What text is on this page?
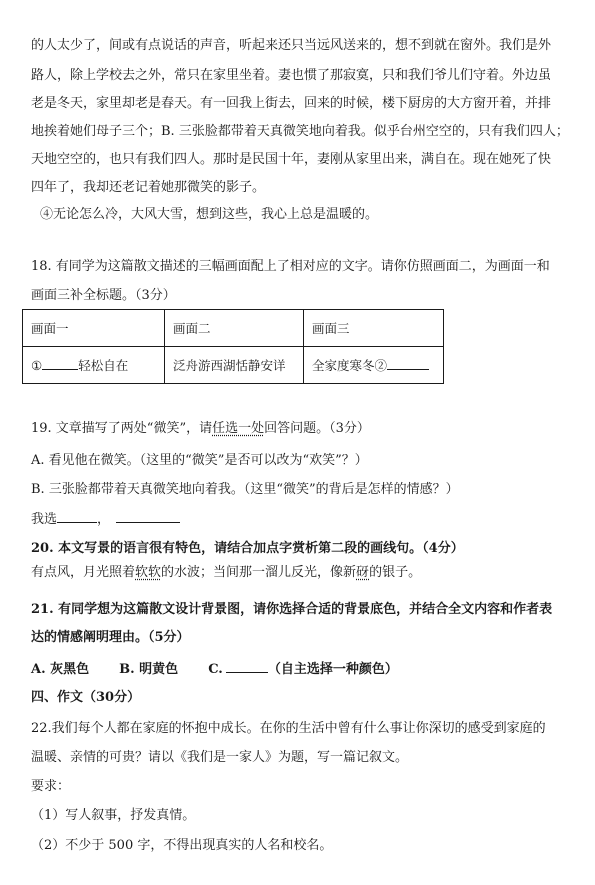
的人太少了，间或有点说话的声音，听起来还只当远风送来的，想不到就在窗外。我们是外
路人，除上学校去之外，常只在家里坐着。妻也惯了那寂寞，只和我们爷儿们守着。外边虽
老是冬天，家里却老是春天。有一回我上街去，回来的时候，楼下厨房的大方窗开着，并排
地挨着她们母子三个；B. 三张脸都带着天真微笑地向着我。似乎台州空空的，只有我们四人；
天地空空的，也只有我们四人。那时是民国十年，妻刚从家里出来，满自在。现在她死了快
四年了，我却还老记着她那微笑的影子。
④无论怎么冷，大风大雪，想到这些，我心上总是温暖的。
18. 有同学为这篇散文描述的三幅画面配上了相对应的文字。请你仿照画面二，为画面一和
画面三补全标题。（3分）
画面一	画面二	画面三
① 轻松自在	泛舟游西湖恬静安详	全家度寒冬②
19. 文章描写了两处“微笑”，请任选一处回答问题。（3分）
A. 看见他在微笑。（这里的“微笑”是否可以改为“欢笑”？）
B. 三张脸都带着天真微笑地向着我。（这里“微笑”的背后是怎样的情感？）
我选	，
20. 本文写景的语言很有特色，请结合加点字赏析第二段的画线句。（4分）
有点风，月光照着软软的水波；当间那一溜儿反光，像新砑的银子。
21. 有同学想为这篇散文设计背景图，请你选择合适的背景底色，并结合全文内容和作者表
达的情感阐明理由。（5分）
A. 灰黑色 B. 明黄色 C.	（自主选择一种颜色）
四、作文（30分）
22.我们每个人都在家庭的怀抱中成长。在你的生活中曾有什么事让你深切的感受到家庭的
温暖、亲情的可贵？请以《我们是一家人》为题，写一篇记叙文。
要求：
（1）写人叙事，抒发真情。
（2）不少于 500 字，不得出现真实的人名和校名。
